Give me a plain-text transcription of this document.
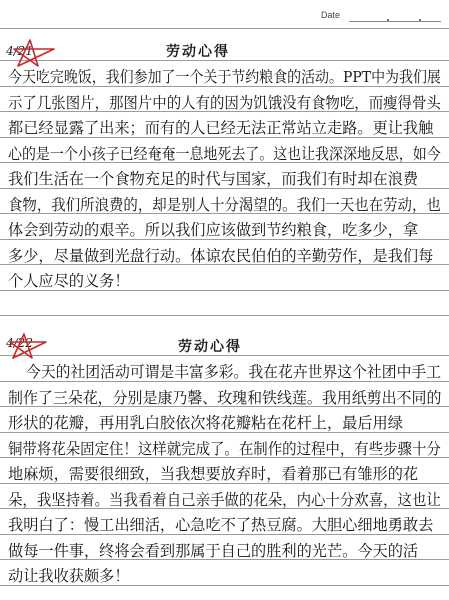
Date
4/21	劳动心得
今天吃完晚饭，我们参加了一个关于节约粮食的活动。PPT中为我们展
示了几张图片，那图片中的人有的因为饥饿没有食物吃，而瘦得骨头
都已经显露了出来；而有的人已经无法正常站立走路。更让我触
心的是一个小孩子已经奄奄一息地死去了。这也让我深深地反思，如今
我们生活在一个食物充足的时代与国家，而我们有时却在浪费
食物，我们所浪费的，却是别人十分渴望的。我们一天也在劳动，也
体会到劳动的艰辛。所以我们应该做到节约粮食，吃多少，拿
多少，尽量做到光盘行动。体谅农民伯伯的辛勤劳作，是我们每
个人应尽的义务！
4/22	劳动心得
今天的社团活动可谓是丰富多彩。我在花卉世界这个社团中手工
制作了三朵花，分别是康乃馨、玫瑰和铁线莲。我用纸剪出不同的
形状的花瓣，再用乳白胶依次将花瓣粘在花杆上，最后用绿
铜带将花朵固定住！这样就完成了。在制作的过程中，有些步骤十分
地麻烦，需要很细致，当我想要放弃时，看着那已有雏形的花
朵，我坚持着。当我看着自己亲手做的花朵，内心十分欢喜，这也让
我明白了：慢工出细活，心急吃不了热豆腐。大胆心细地勇敢去
做每一件事，终将会看到那属于自己的胜利的光芒。今天的活
动让我收获颇多！
